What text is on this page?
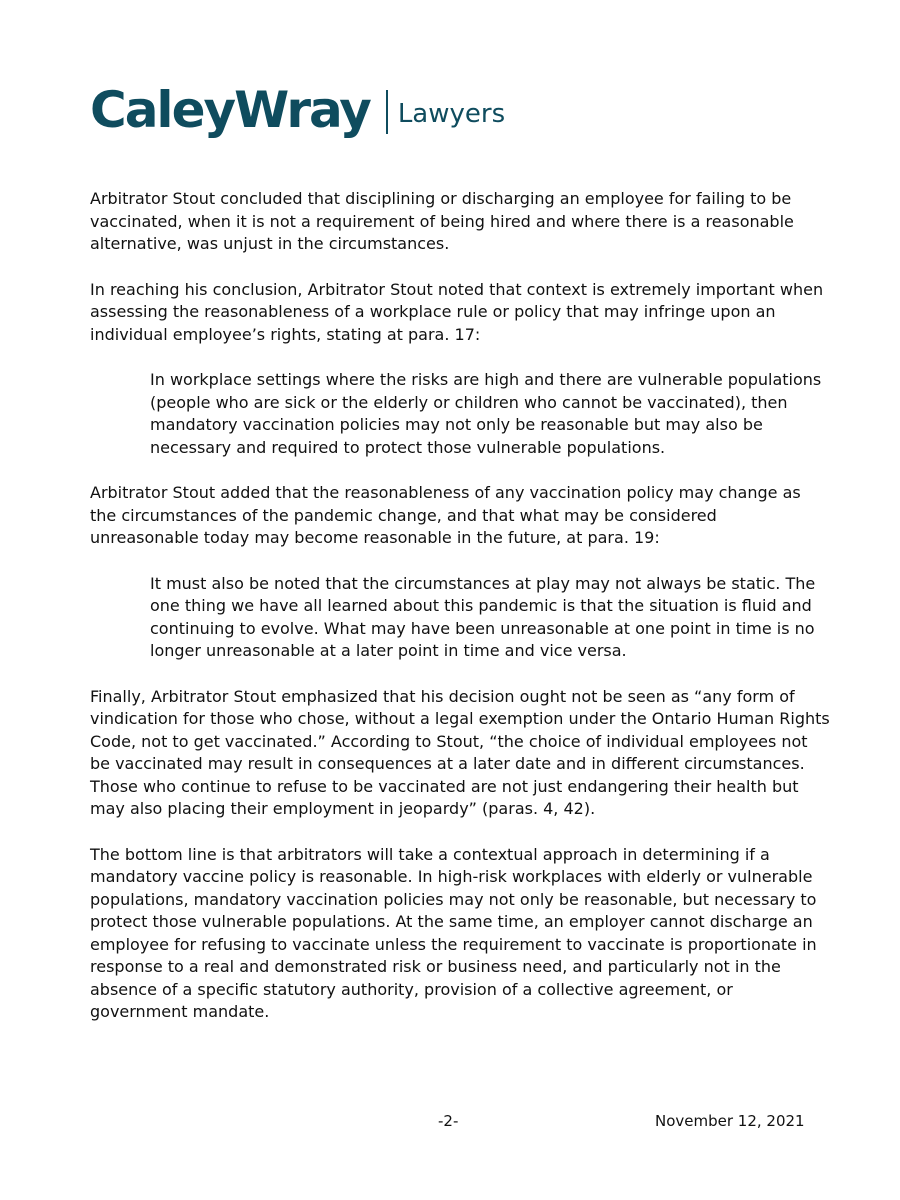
CaleyWray Lawyers

Arbitrator Stout concluded that disciplining or discharging an employee for failing to be vaccinated, when it is not a requirement of being hired and where there is a reasonable alternative, was unjust in the circumstances.

In reaching his conclusion, Arbitrator Stout noted that context is extremely important when assessing the reasonableness of a workplace rule or policy that may infringe upon an individual employee’s rights, stating at para. 17:

In workplace settings where the risks are high and there are vulnerable populations (people who are sick or the elderly or children who cannot be vaccinated), then mandatory vaccination policies may not only be reasonable but may also be necessary and required to protect those vulnerable populations.

Arbitrator Stout added that the reasonableness of any vaccination policy may change as the circumstances of the pandemic change, and that what may be considered unreasonable today may become reasonable in the future, at para. 19:

It must also be noted that the circumstances at play may not always be static. The one thing we have all learned about this pandemic is that the situation is fluid and continuing to evolve. What may have been unreasonable at one point in time is no longer unreasonable at a later point in time and vice versa.

Finally, Arbitrator Stout emphasized that his decision ought not be seen as “any form of vindication for those who chose, without a legal exemption under the Ontario Human Rights Code, not to get vaccinated.” According to Stout, “the choice of individual employees not be vaccinated may result in consequences at a later date and in different circumstances. Those who continue to refuse to be vaccinated are not just endangering their health but may also placing their employment in jeopardy” (paras. 4, 42).

The bottom line is that arbitrators will take a contextual approach in determining if a mandatory vaccine policy is reasonable. In high-risk workplaces with elderly or vulnerable populations, mandatory vaccination policies may not only be reasonable, but necessary to protect those vulnerable populations. At the same time, an employer cannot discharge an employee for refusing to vaccinate unless the requirement to vaccinate is proportionate in response to a real and demonstrated risk or business need, and particularly not in the absence of a specific statutory authority, provision of a collective agreement, or government mandate.

-2-	November 12, 2021
